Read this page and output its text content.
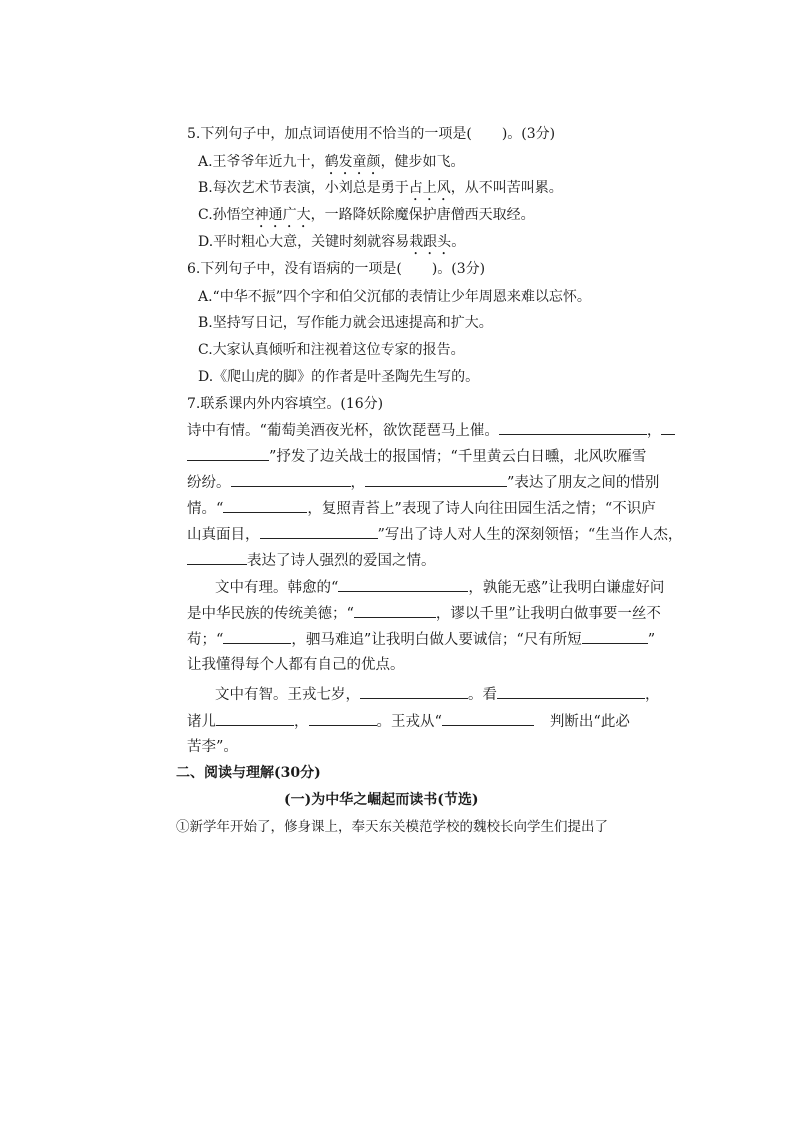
5.下列句子中，加点词语使用不恰当的一项是( )。(3分)
A.王爷爷年近九十，鹤发童颜，健步如飞。
B.每次艺术节表演，小刘总是勇于占上风，从不叫苦叫累。
C.孙悟空神通广大，一路降妖除魔保护唐僧西天取经。
D.平时粗心大意，关键时刻就容易栽跟头。
6.下列句子中，没有语病的一项是( )。(3分)
A.“中华不振”四个字和伯父沉郁的表情让少年周恩来难以忘怀。
B.坚持写日记，写作能力就会迅速提高和扩大。
C.大家认真倾听和注视着这位专家的报告。
D.《爬山虎的脚》的作者是叶圣陶先生写的。
7.联系课内外内容填空。(16分)
诗中有情。“葡萄美酒夜光杯，欲饮琵琶马上催。	，
”抒发了边关战士的报国情；“千里黄云白日曛，北风吹雁雪
纷纷。	，	”表达了朋友之间的惜别
情。“	，复照青苔上”表现了诗人向往田园生活之情；“不识庐
山真面目，	”写出了诗人对人生的深刻领悟；“生当作人杰，
表达了诗人强烈的爱国之情。
文中有理。韩愈的“	，孰能无惑”让我明白谦虚好问
是中华民族的传统美德；“	，谬以千里”让我明白做事要一丝不
苟；“	，驷马难追”让我明白做人要诚信；“尺有所短	”
让我懂得每个人都有自己的优点。
文中有智。王戎七岁，	。看	，
诸儿	，	。王戎从“	判断出“此必
苦李”。
二、阅读与理解(30分)
(一)为中华之崛起而读书(节选)
①新学年开始了，修身课上，奉天东关模范学校的魏校长向学生们提出了
